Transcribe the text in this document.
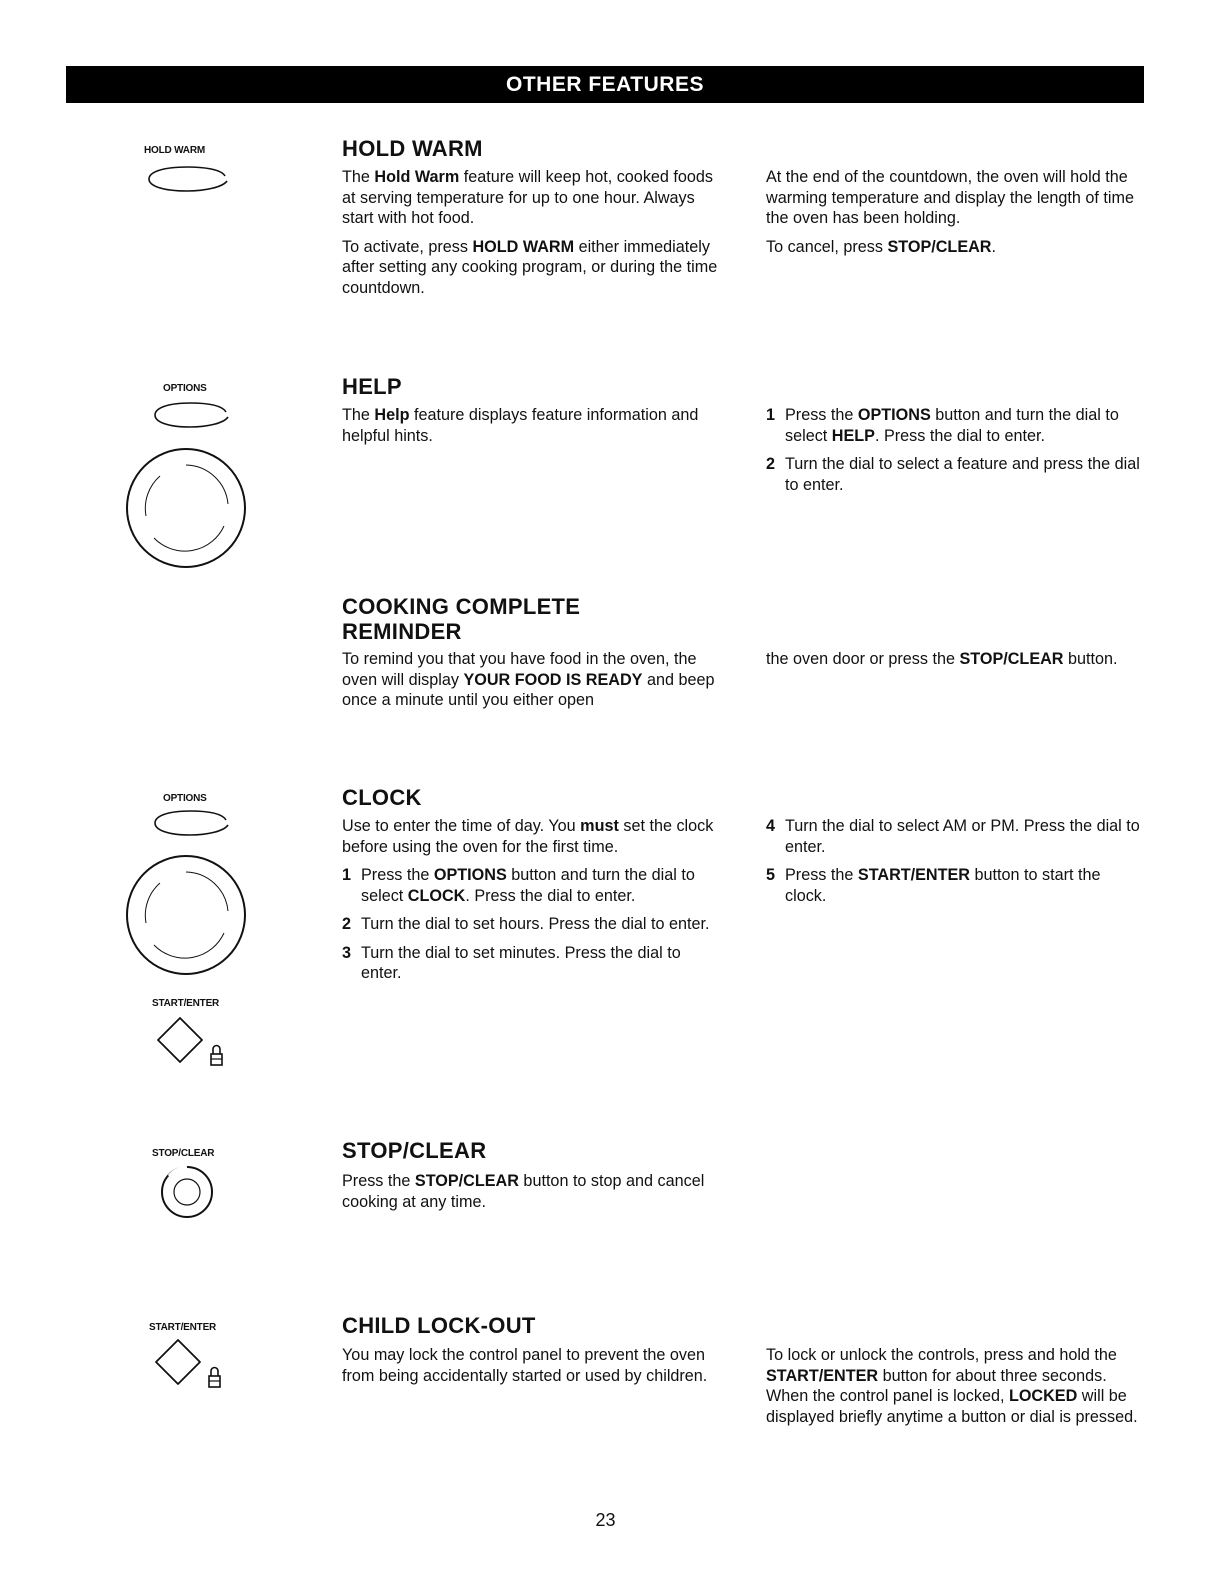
OTHER FEATURES
HOLD WARM	HOLD WARM

The Hold Warm feature will keep hot, cooked foods at serving temperature for up to one hour. Always start with hot food.

To activate, press HOLD WARM either immediately after setting any cooking program, or during the time countdown.

At the end of the countdown, the oven will hold the warming temperature and display the length of time the oven has been holding.

To cancel, press STOP/CLEAR.

OPTIONS	HELP

The Help feature displays feature information and helpful hints.

1 Press the OPTIONS button and turn the dial to select HELP. Press the dial to enter.
2 Turn the dial to select a feature and press the dial to enter.
COOKING COMPLETE
REMINDER

To remind you that you have food in the oven, the oven will display YOUR FOOD IS READY and beep once a minute until you either open

the oven door or press the STOP/CLEAR button.

OPTIONS
START/ENTER
CLOCK

Use to enter the time of day. You must set the clock before using the oven for the first time.

1 Press the OPTIONS button and turn the dial to select CLOCK. Press the dial to enter.
2 Turn the dial to set hours. Press the dial to enter.
3 Turn the dial to set minutes. Press the dial to enter.
4 Turn the dial to select AM or PM. Press the dial to enter.
5 Press the START/ENTER button to start the clock.
STOP/CLEAR	STOP/CLEAR

Press the STOP/CLEAR button to stop and cancel cooking at any time.

START/ENTER	CHILD LOCK-OUT

You may lock the control panel to prevent the oven from being accidentally started or used by children.

To lock or unlock the controls, press and hold the START/ENTER button for about three seconds. When the control panel is locked, LOCKED will be displayed briefly anytime a button or dial is pressed.

23
